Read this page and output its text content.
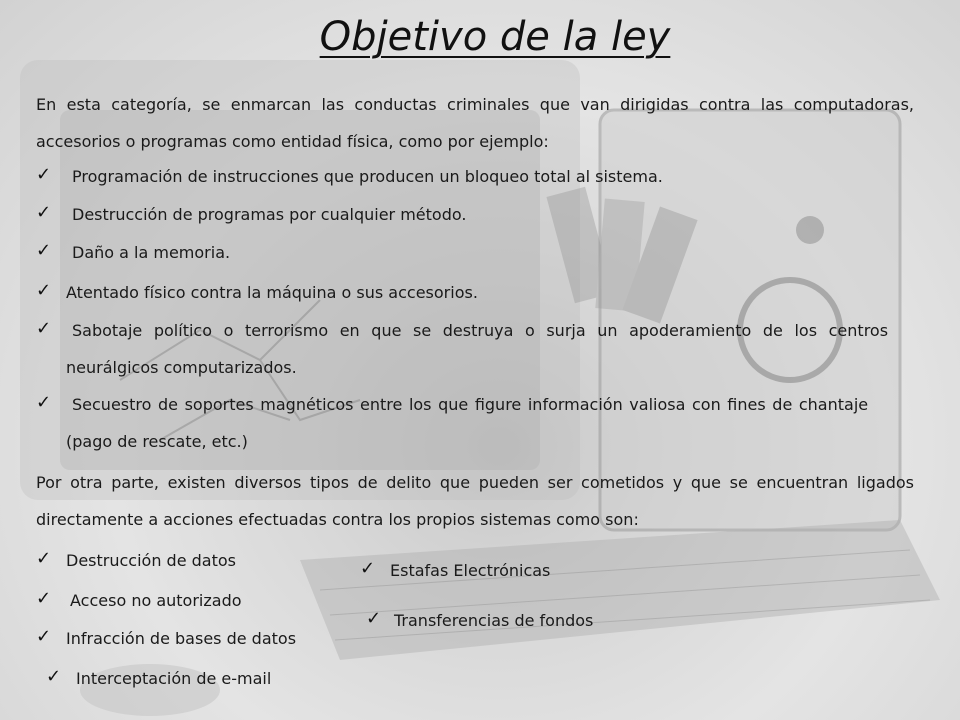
Objetivo de la ley
En esta categoría, se enmarcan las conductas criminales que van dirigidas contra las computadoras, accesorios o programas como entidad física, como por ejemplo:
✓ Programación de instrucciones que producen un bloqueo total al sistema.
✓ Destrucción de programas por cualquier método.
✓ Daño a la memoria.
✓ Atentado físico contra la máquina o sus accesorios.
✓ Sabotaje político o terrorismo en que se destruya o surja un apoderamiento de los centros
neurálgicos computarizados.
✓ Secuestro de soportes magnéticos entre los que figure información valiosa con fines de chantaje
(pago de rescate, etc.)
Por otra parte, existen diversos tipos de delito que pueden ser cometidos y que se encuentran ligados directamente a acciones efectuadas contra los propios sistemas como son:
✓ Destrucción de datos
✓ Acceso no autorizado
✓ Infracción de bases de datos
✓ Interceptación de e-mail
✓ Estafas Electrónicas
✓ Transferencias de fondos
